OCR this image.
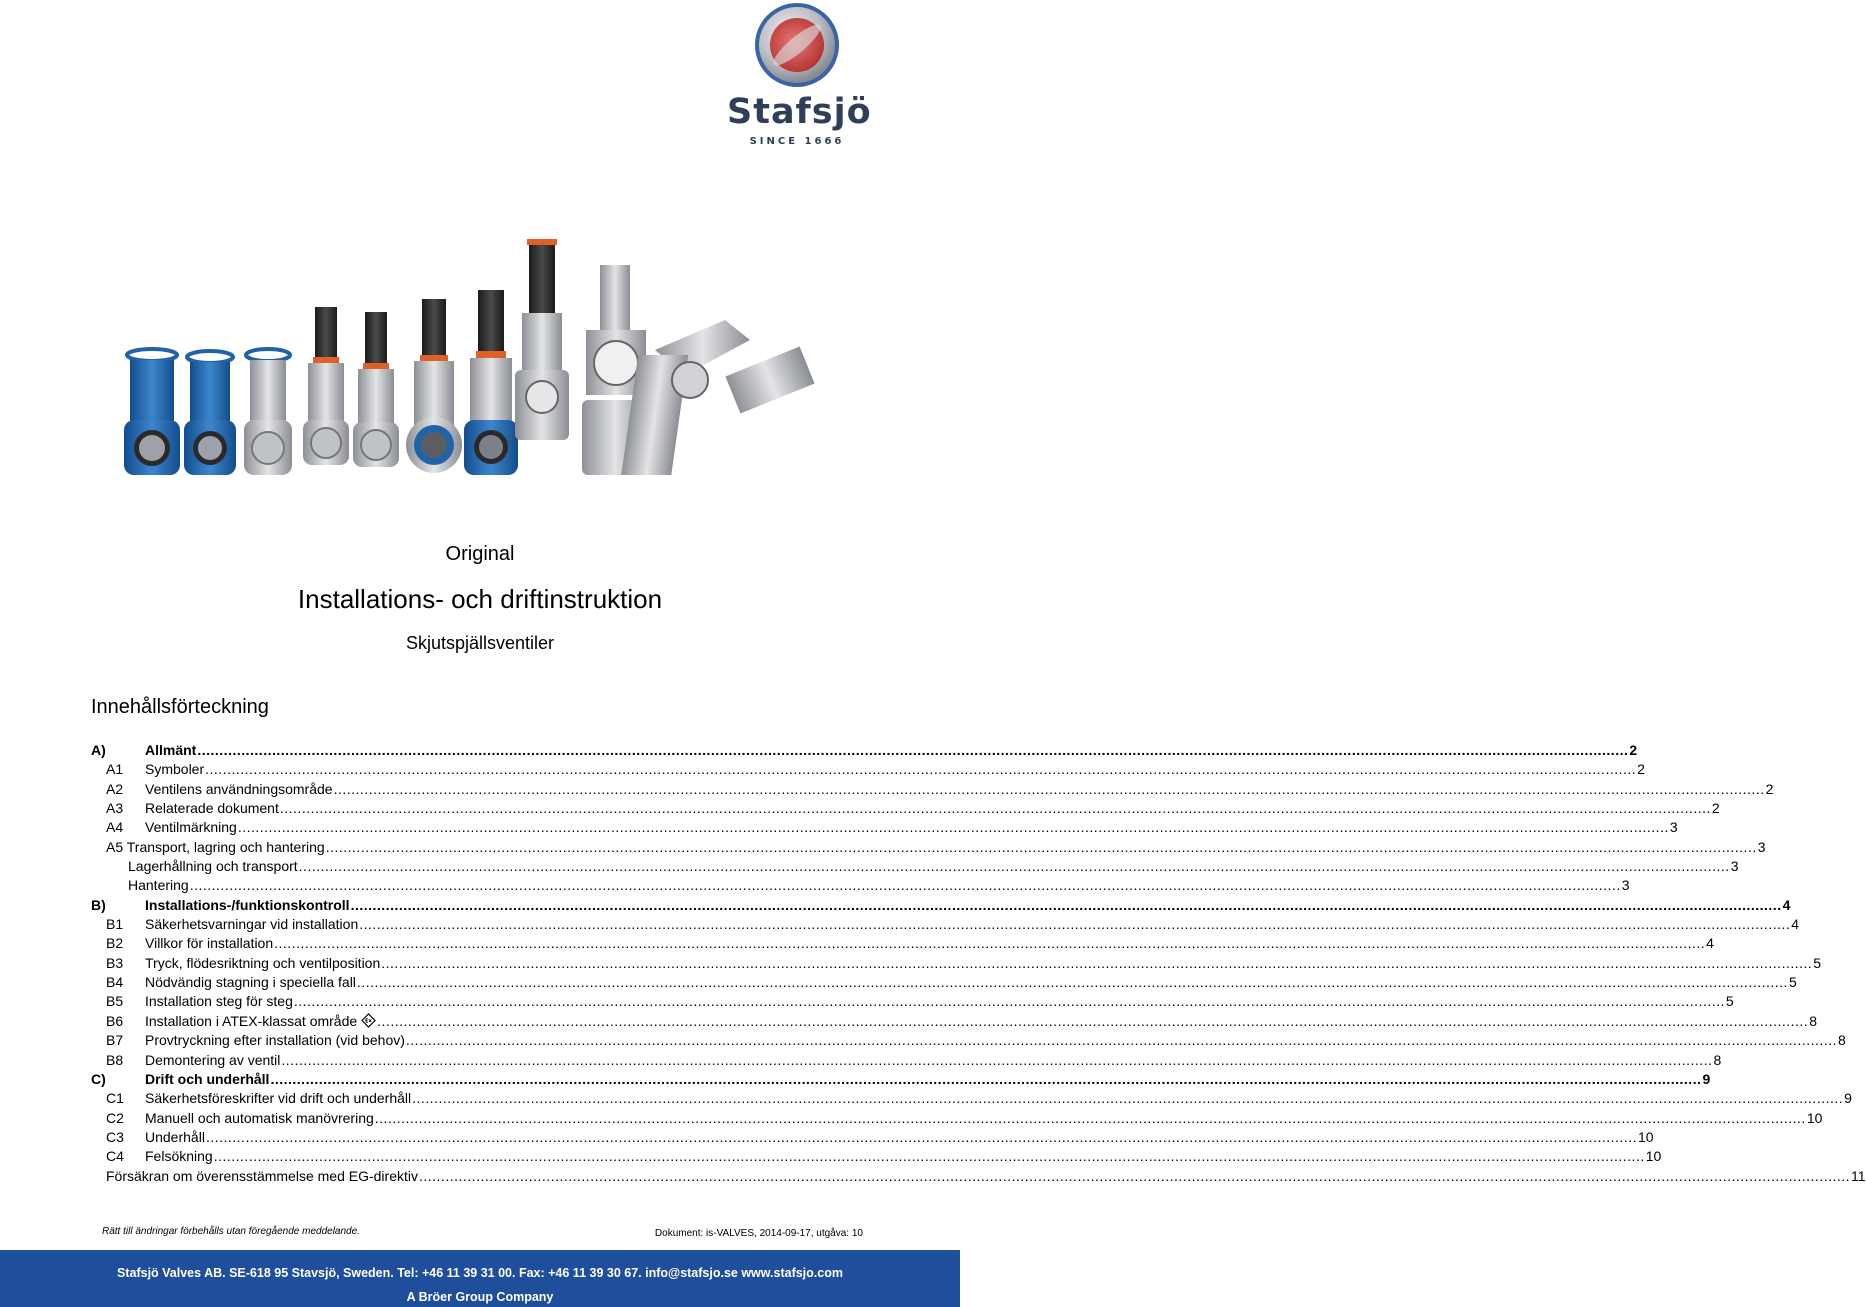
Stafsjö
SINCE 1666
Original
Installations- och driftinstruktion
Skjutspjällsventiler
Innehållsförteckning
A)	Allmänt ...................................................................................................................................................................................................................................................................................................................................... 2
A1 Symboler ...................................................................................................................................................................................................................................................................................................................................... 2
A2 Ventilens användningsområde ...................................................................................................................................................................................................................................................................................................................................... 2
A3 Relaterade dokument ...................................................................................................................................................................................................................................................................................................................................... 2
A4 Ventilmärkning ...................................................................................................................................................................................................................................................................................................................................... 3
A5 Transport, lagring och hantering ...................................................................................................................................................................................................................................................................................................................................... 3
Lagerhållning och transport ...................................................................................................................................................................................................................................................................................................................................... 3
Hantering ...................................................................................................................................................................................................................................................................................................................................... 3
B)	Installations-/funktionskontroll ...................................................................................................................................................................................................................................................................................................................................... 4
B1 Säkerhetsvarningar vid installation ...................................................................................................................................................................................................................................................................................................................................... 4
B2 Villkor för installation ...................................................................................................................................................................................................................................................................................................................................... 4
B3 Tryck, flödesriktning och ventilposition ...................................................................................................................................................................................................................................................................................................................................... 5
B4 Nödvändig stagning i speciella fall ...................................................................................................................................................................................................................................................................................................................................... 5
B5 Installation steg för steg ...................................................................................................................................................................................................................................................................................................................................... 5
B6 Installation i ATEX-klassat område	...................................................................................................................................................................................................................................................................................................................................... 8
B7 Provtryckning efter installation (vid behov) ...................................................................................................................................................................................................................................................................................................................................... 8
B8 Demontering av ventil ...................................................................................................................................................................................................................................................................................................................................... 8
C)	Drift och underhåll ...................................................................................................................................................................................................................................................................................................................................... 9
C1 Säkerhetsföreskrifter vid drift och underhåll ...................................................................................................................................................................................................................................................................................................................................... 9
C2 Manuell och automatisk manövrering ...................................................................................................................................................................................................................................................................................................................................... 10
C3 Underhåll ...................................................................................................................................................................................................................................................................................................................................... 10
C4 Felsökning ...................................................................................................................................................................................................................................................................................................................................... 10
Försäkran om överensstämmelse med EG-direktiv ...................................................................................................................................................................................................................................................................................................................................... 11
Rätt till ändringar förbehålls utan föregående meddelande.	Dokument: is-VALVES, 2014-09-17, utgåva: 10
Stafsjö Valves AB. SE-618 95 Stavsjö, Sweden. Tel: +46 11 39 31 00. Fax: +46 11 39 30 67. info@stafsjo.se www.stafsjo.com
A Bröer Group Company
